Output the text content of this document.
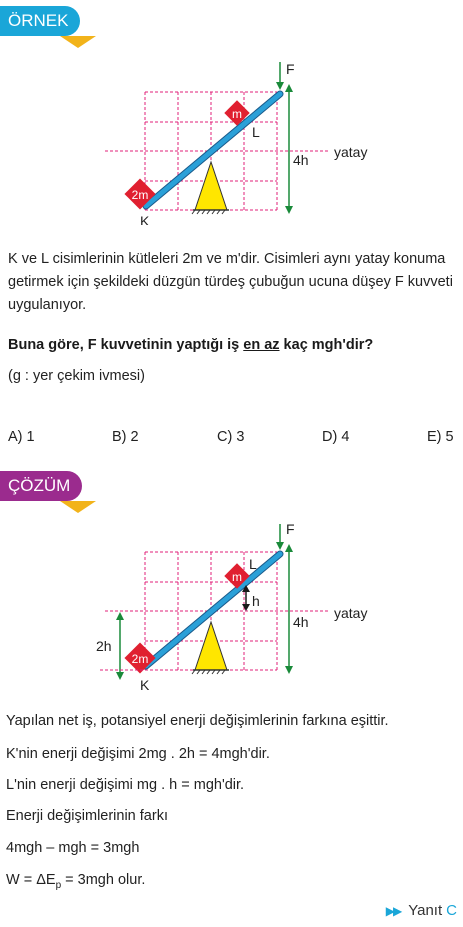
ÖRNEK
m
2m
F
L
K
4h yatay
K ve L cisimlerinin kütleleri 2m ve m'dir. Cisimleri aynı yatay konuma getirmek için şekildeki düzgün türdeş çubuğun ucuna düşey F kuvveti uygulanıyor.
Buna göre, F kuvvetinin yaptığı iş en az kaç mgh'dir?
(g : yer çekim ivmesi)
A) 1	B) 2	C) 3	D) 4	E) 5
ÇÖZÜM
m
2m
F
L
K
4h
yatay
h
2h
Yapılan net iş, potansiyel enerji değişimlerinin farkına eşittir.
K'nin enerji değişimi 2mg . 2h = 4mgh'dir.
L'nin enerji değişimi mg . h = mgh'dir.
Enerji değişimlerinin farkı
4mgh – mgh = 3mgh
$W = \Delta E_p = 3mgh$ olur.
▶▶ Yanıt C
